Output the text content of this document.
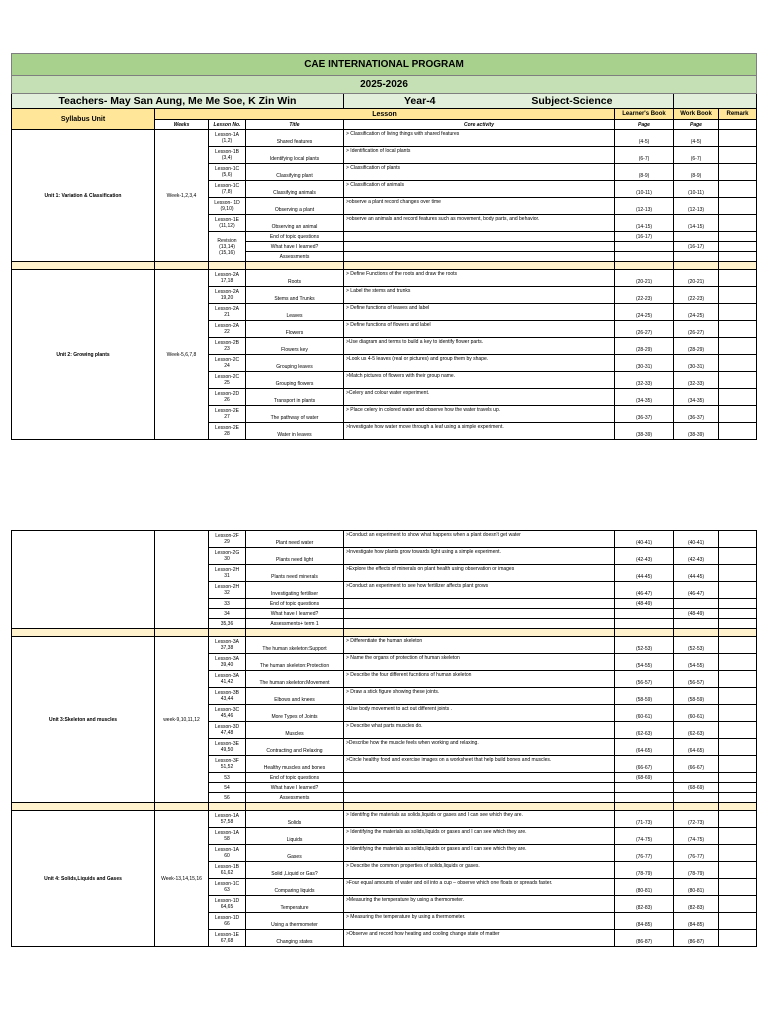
CAE INTERNATIONAL PROGRAM							
2025-2026							
Teachers- May San Aung, Me Me Soe, K Zin Win				Year-4 Subject-Science			
Syllabus Unit	Lesson				Learner's Book	Work Book	Remark
	Weeks	Lesson No.	Title	Core activity	Page	Page	
Unit 1: Variation & Classification	Week-1,2,3,4	Lesson-1A
(1,2)	Shared features	> Classification of living things with shared features	(4-5)	(4-5)	
		Lesson-1B
(3,4)	Identifying local plants	> Identification of local plants	(6-7)	(6-7)	
		Lesson-1C
(5,6)	Classifying plant	> Classification of plants	(8-9)	(8-9)	
		Lesson-1C
(7,8)	Classifying animals	> Classification of animals	(10-11)	(10-11)	
		Lesson- 1D
(9,10)	Observing a plant	>observe a plant record changes over time	(12-13)	(12-13)	
		Lesson-1E
(11,12)	Observing an animal	>observe an animals and record features such as movement, body parts, and behavior.	(14-15)	(14-15)	
		Revision
(13,14)
(15,16)	End of topic questions		(16-17)		
			What have I learned?			(16-17)	
			Assessments				

Unit 2: Growing plants	Week-5,6,7,8	Lesson-2A
17,18	Roots	> Define Functions of the roots and draw the roots	(20-21)	(20-21)	
		Lesson-2A
19,20	Stems and Trunks	> Label the stems and trunks	(22-23)	(22-23)	
		Lesson-2A
21	Leaves	> Define functions of leaves and label	(24-25)	(24-25)	
		Lesson-2A
22	Flowers	> Define functions of flowers and label	(26-27)	(26-27)	
		Lesson-2B
23	Flowers key	>Use diagram and terms to build a key to identify flower parts.	(28-29)	(28-29)	
		Lesson-2C
24	Grouping leaves	>Look us 4-5 leaves (real or pictures) and group them by shape.	(30-31)	(30-31)	
		Lesson-2C
25	Grouping flowers	>Match pictures of flowers with their group name.	(32-33)	(32-33)	
		Lesson-2D
26	Transport in plants	>Celery and colour water experiment.	(34-35)	(34-35)	
		Lesson-2E
27	The pathway of water	> Place celery in colored water and observe how the water travels up.	(36-37)	(36-37)	
		Lesson-2E
28	Water in leaves	>Investigate how water move through a leaf using a simple experiment.	(38-39)	(38-39)	
		Lesson-2F
29	Plant need water	>Conduct an experiment to show what happens when a plant doesn't get water	(40-41)	(40-41)	
		Lesson-2G
30	Plants need light	>Investigate how plants grow towards light using a simple experiment.	(42-43)	(42-43)	
		Lesson-2H
31	Plants need minerals	>Explore the effects of minerals on plant health using observation or images	(44-45)	(44-45)	
		Lesson-2H
32	Investigating fertiliser	>Conduct an experiment to see how fertilizer affects plant grows	(46-47)	(46-47)	
		33	End of topic questions		(48-49)		
		34	What have I learned?			(48-49)	
		35,36	Assessments+ term 1				

Unit 3:Skeleton and muscles	week-9,10,11,12	Lesson-3A
37,38	The human skeleton:Support	> Differentiate the human skeleton	(52-53)	(52-53)	
		Lesson-3A
39,40	The human skeleton:Protection	> Name the organs of protection of human skeleton	(54-55)	(54-55)	
		Lesson-3A
41,42	The human skeleton:Movement	> Describe the four different fucntions of human skeleton	(56-57)	(56-57)	
		Lesson-3B
43,44	Elbows and knees	> Draw a stick figure showing these joints.	(58-59)	(58-59)	
		Lesson-3C
45,46	More Types of Joints	>Use body movement to act out different joints .	(60-61)	(60-61)	
		Lesson-3D
47,48	Muscles	> Describe what parts muscles do.	(62-63)	(62-63)	
		Lesson-3E
49,50	Contracting and Relaxing	>Describe how the muscle feels when working and relaxing.	(64-65)	(64-65)	
		Lesson-3F
51,52	Healthy muscles and bones	>Circle healthy food and exercise images on a worksheet that help build bones and muscles.	(66-67)	(66-67)	
		53	End of topic questions		(68-69)		
		54	What have I learned?			(68-69)	
		56	Assessments				

Unit 4: Solids,Liquids and Gases	Week-13,14,15,16	Lesson-1A
57,58	Solids	> Identifng the materials as solids,liquids or gases and I can see which they are.	(71-73)	(72-73)	
		Lesson-1A
58	Liquids	> Identifying the materials as solids,liquids or gases and I can see which they are.	(74-75)	(74-75)	
		Lesson-1A
60	Gases	> Identifying the materials as solids,liquids or gases and I can see which they are.	(76-77)	(76-77)	
		Lesson-1B
61,62	Solid ,Liquid or Gas?	> Describe the common properties of solids,liquids or gases.	(78-79)	(78-79)	
		Lesson-1C
63	Comparing liquids	>Four equal amounts of water and oil into a cup – observe which one floats or spreads faster.	(80-81)	(80-81)	
		Lesson-1D
64,65	Temperature	>Measuring the temperature by using a thermometer.	(82-83)	(82-83)	
		Lesson-1D
66	Using a thermometer	> Measuring the temperature by using a thermometer.	(84-85)	(84-85)	
		Lesson-1E
67,68	Changing states	>Observe and record how heating and cooling change state of matter	(86-87)	(86-87)	
